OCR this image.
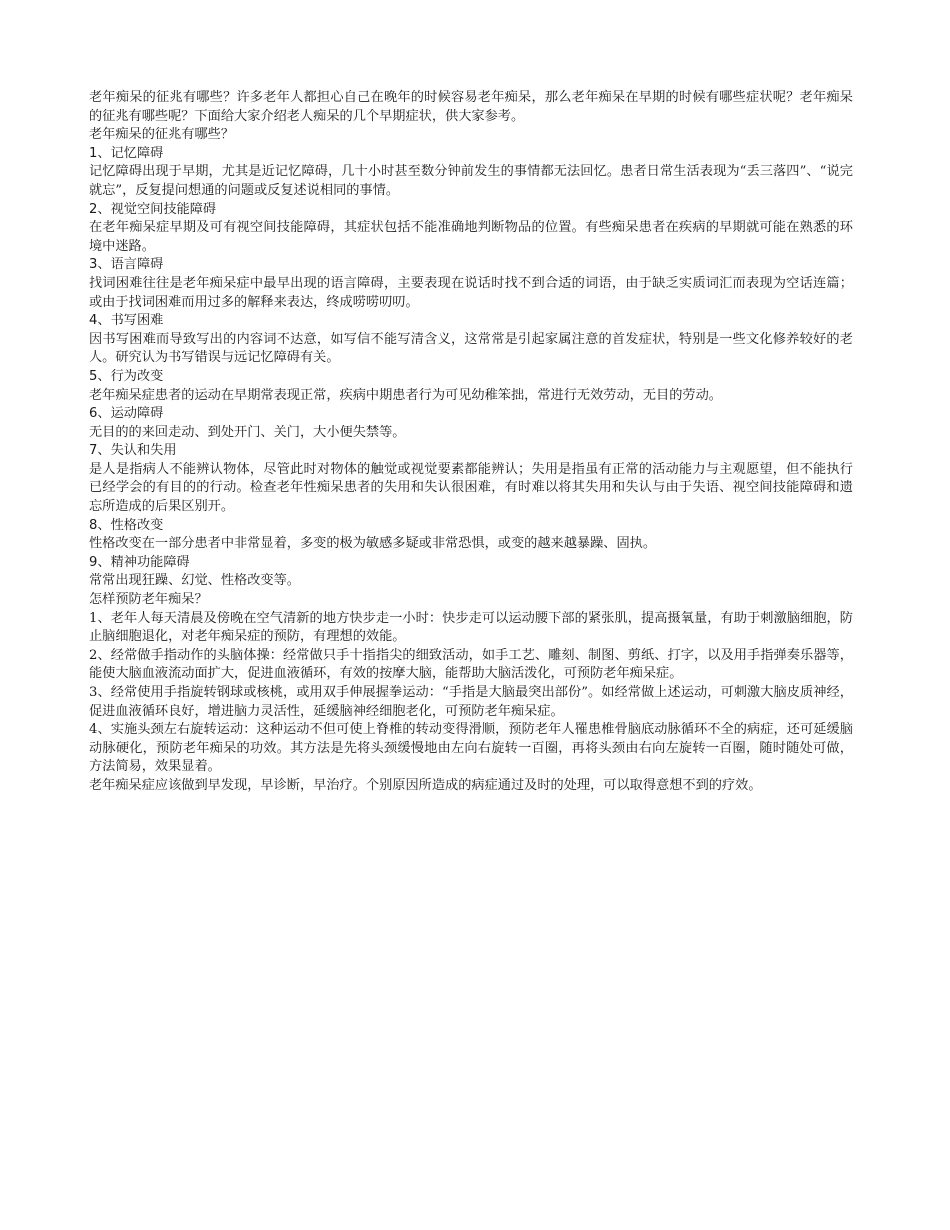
老年痴呆的征兆有哪些？许多老年人都担心自己在晚年的时候容易老年痴呆，那么老年痴呆在早期的时候有哪些症状呢？老年痴呆的征兆有哪些呢？下面给大家介绍老人痴呆的几个早期症状，供大家参考。

老年痴呆的征兆有哪些？

1、记忆障碍

记忆障碍出现于早期，尤其是近记忆障碍，几十小时甚至数分钟前发生的事情都无法回忆。患者日常生活表现为“丢三落四”、“说完就忘”，反复提问想通的问题或反复述说相同的事情。

2、视觉空间技能障碍

在老年痴呆症早期及可有视空间技能障碍，其症状包括不能准确地判断物品的位置。有些痴呆患者在疾病的早期就可能在熟悉的环境中迷路。

3、语言障碍

找词困难往往是老年痴呆症中最早出现的语言障碍，主要表现在说话时找不到合适的词语，由于缺乏实质词汇而表现为空话连篇；或由于找词困难而用过多的解释来表达，终成唠唠叨叨。

4、书写困难

因书写困难而导致写出的内容词不达意，如写信不能写清含义，这常常是引起家属注意的首发症状，特别是一些文化修养较好的老人。研究认为书写错误与远记忆障碍有关。

5、行为改变

老年痴呆症患者的运动在早期常表现正常，疾病中期患者行为可见幼稚笨拙，常进行无效劳动，无目的劳动。

6、运动障碍

无目的的来回走动、到处开门、关门，大小便失禁等。

7、失认和失用

是人是指病人不能辨认物体，尽管此时对物体的触觉或视觉要素都能辨认；失用是指虽有正常的活动能力与主观愿望，但不能执行已经学会的有目的的行动。检查老年性痴呆患者的失用和失认很困难，有时难以将其失用和失认与由于失语、视空间技能障碍和遗忘所造成的后果区别开。

8、性格改变

性格改变在一部分患者中非常显着，多变的极为敏感多疑或非常恐惧，或变的越来越暴躁、固执。

9、精神功能障碍

常常出现狂躁、幻觉、性格改变等。

怎样预防老年痴呆？

1、老年人每天清晨及傍晚在空气清新的地方快步走一小时：快步走可以运动腰下部的紧张肌，提高摄氧量，有助于刺激脑细胞，防止脑细胞退化，对老年痴呆症的预防，有理想的效能。

2、经常做手指动作的头脑体操：经常做只手十指指尖的细致活动，如手工艺、雕刻、制图、剪纸、打字，以及用手指弹奏乐器等，能使大脑血液流动面扩大，促进血液循环，有效的按摩大脑，能帮助大脑活泼化，可预防老年痴呆症。

3、经常使用手指旋转钢球或核桃，或用双手伸展握拳运动：“手指是大脑最突出部份”。如经常做上述运动，可刺激大脑皮质神经，促进血液循环良好，增进脑力灵活性，延缓脑神经细胞老化，可预防老年痴呆症。

4、实施头颈左右旋转运动：这种运动不但可使上脊椎的转动变得滑顺，预防老年人罹患椎骨脑底动脉循环不全的病症，还可延缓脑动脉硬化，预防老年痴呆的功效。其方法是先将头颈缓慢地由左向右旋转一百圈，再将头颈由右向左旋转一百圈，随时随处可做，方法简易，效果显着。

老年痴呆症应该做到早发现，早诊断，早治疗。个别原因所造成的病症通过及时的处理，可以取得意想不到的疗效。
